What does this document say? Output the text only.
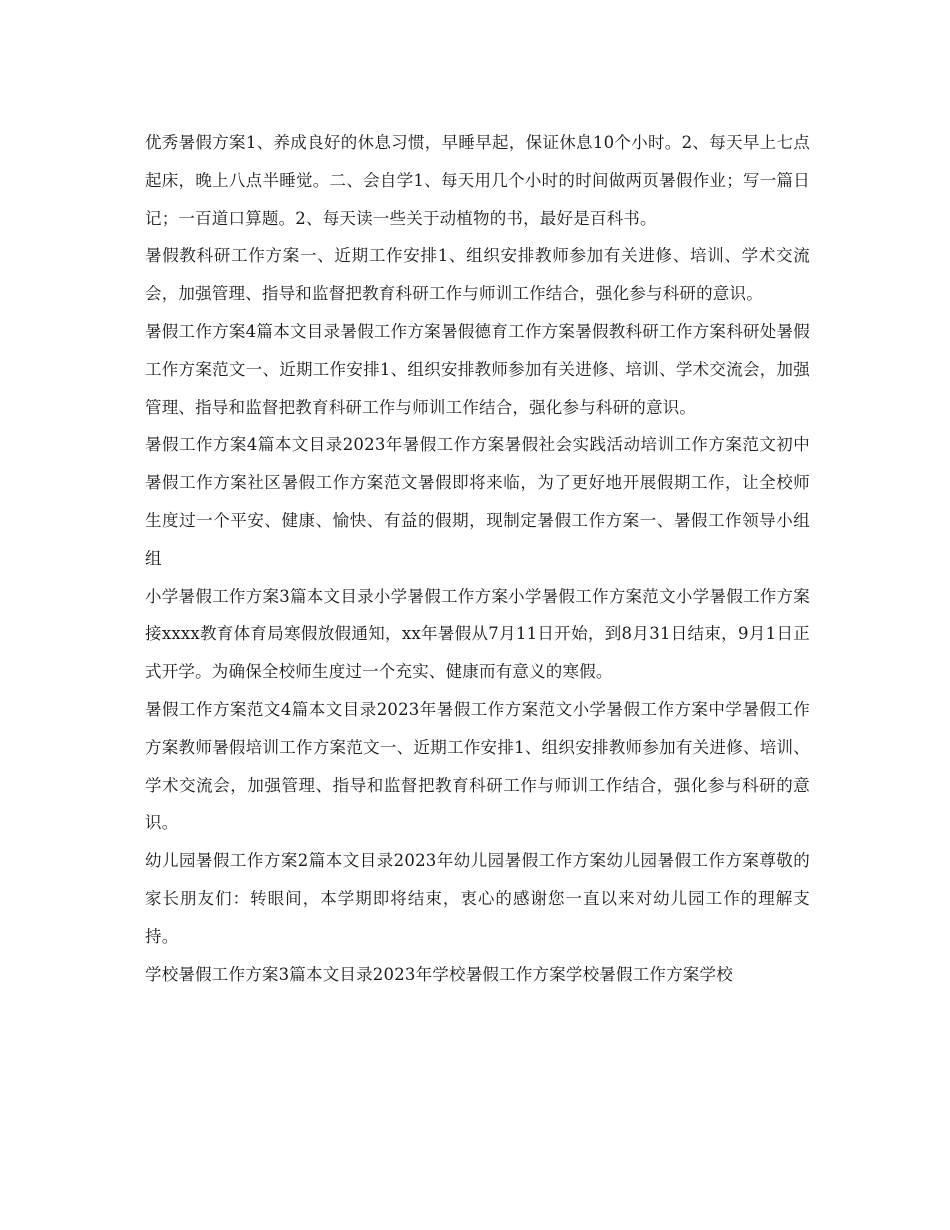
优秀暑假方案1、养成良好的休息习惯，早睡早起，保证休息10个小时。2、每天早上七点起床，晚上八点半睡觉。二、会自学1、每天用几个小时的时间做两页暑假作业；写一篇日记；一百道口算题。2、每天读一些关于动植物的书，最好是百科书。

暑假教科研工作方案一、近期工作安排1、组织安排教师参加有关进修、培训、学术交流会，加强管理、指导和监督把教育科研工作与师训工作结合，强化参与科研的意识。

暑假工作方案4篇本文目录暑假工作方案暑假德育工作方案暑假教科研工作方案科研处暑假工作方案范文一、近期工作安排1、组织安排教师参加有关进修、培训、学术交流会，加强管理、指导和监督把教育科研工作与师训工作结合，强化参与科研的意识。

暑假工作方案4篇本文目录2023年暑假工作方案暑假社会实践活动培训工作方案范文初中暑假工作方案社区暑假工作方案范文暑假即将来临，为了更好地开展假期工作，让全校师生度过一个平安、健康、愉快、有益的假期，现制定暑假工作方案一、暑假工作领导小组组

小学暑假工作方案3篇本文目录小学暑假工作方案小学暑假工作方案范文小学暑假工作方案接xxxx教育体育局寒假放假通知，xx年暑假从7月11日开始，到8月31日结束，9月1日正式开学。为确保全校师生度过一个充实、健康而有意义的寒假。

暑假工作方案范文4篇本文目录2023年暑假工作方案范文小学暑假工作方案中学暑假工作方案教师暑假培训工作方案范文一、近期工作安排1、组织安排教师参加有关进修、培训、学术交流会，加强管理、指导和监督把教育科研工作与师训工作结合，强化参与科研的意识。

幼儿园暑假工作方案2篇本文目录2023年幼儿园暑假工作方案幼儿园暑假工作方案尊敬的家长朋友们：转眼间，本学期即将结束，衷心的感谢您一直以来对幼儿园工作的理解支持。

学校暑假工作方案3篇本文目录2023年学校暑假工作方案学校暑假工作方案学校
